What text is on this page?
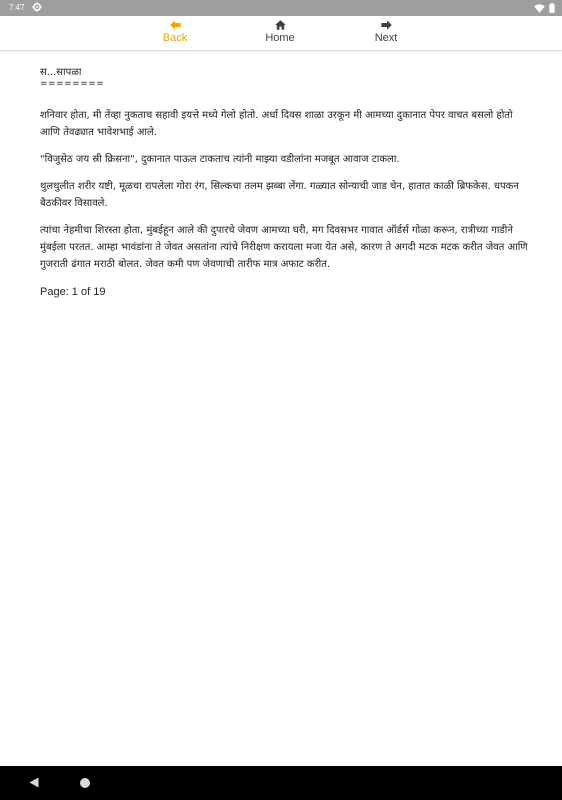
7:47
Back	Home	Next
स...सापळा
========

शनिवार होता, मी तेंव्हा नुकताच सहावी इयत्ते मध्ये गेलो होतो. अर्धा दिवस शाळा उरकून मी आमच्या दुकानात पेपर वाचत बसलो होतो आणि तेवढ्यात भावेशभाई आले.

"विजुसेठ जय स्री क्रिसना", दुकानात पाऊल टाकताच त्यांनी माझ्या वडीलांना मजबूत आवाज टाकला.

थुलथुलीत शरीर यष्टी, मूळचा रापलेला गोरा रंग, सिल्कचा तलम झब्बा लेंगा. गळ्यात सोन्याची जाड चेन, हातात काळी ब्रिफकेस. धपकन बैठकीवर विसावले.

त्यांचा नेहमीचा शिरस्ता होता, मुंबईहून आले की दुपारचे जेवण आमच्या घरी, मग दिवसभर गावात ऑर्डर्स गोळा करून, रात्रीच्या गाडीने मुंबईला परतत. आम्हा भावंडांना ते जेवत असतांना त्यांचे निरीक्षण करायला मजा येत असे, कारण ते अगदी मटक मटक करीत जेवत आणि गुजराती ढंगात मराठी बोलत. जेवत कमी पण जेवणाची तारीफ मात्र अफाट करीत.

Page: 1 of 19
